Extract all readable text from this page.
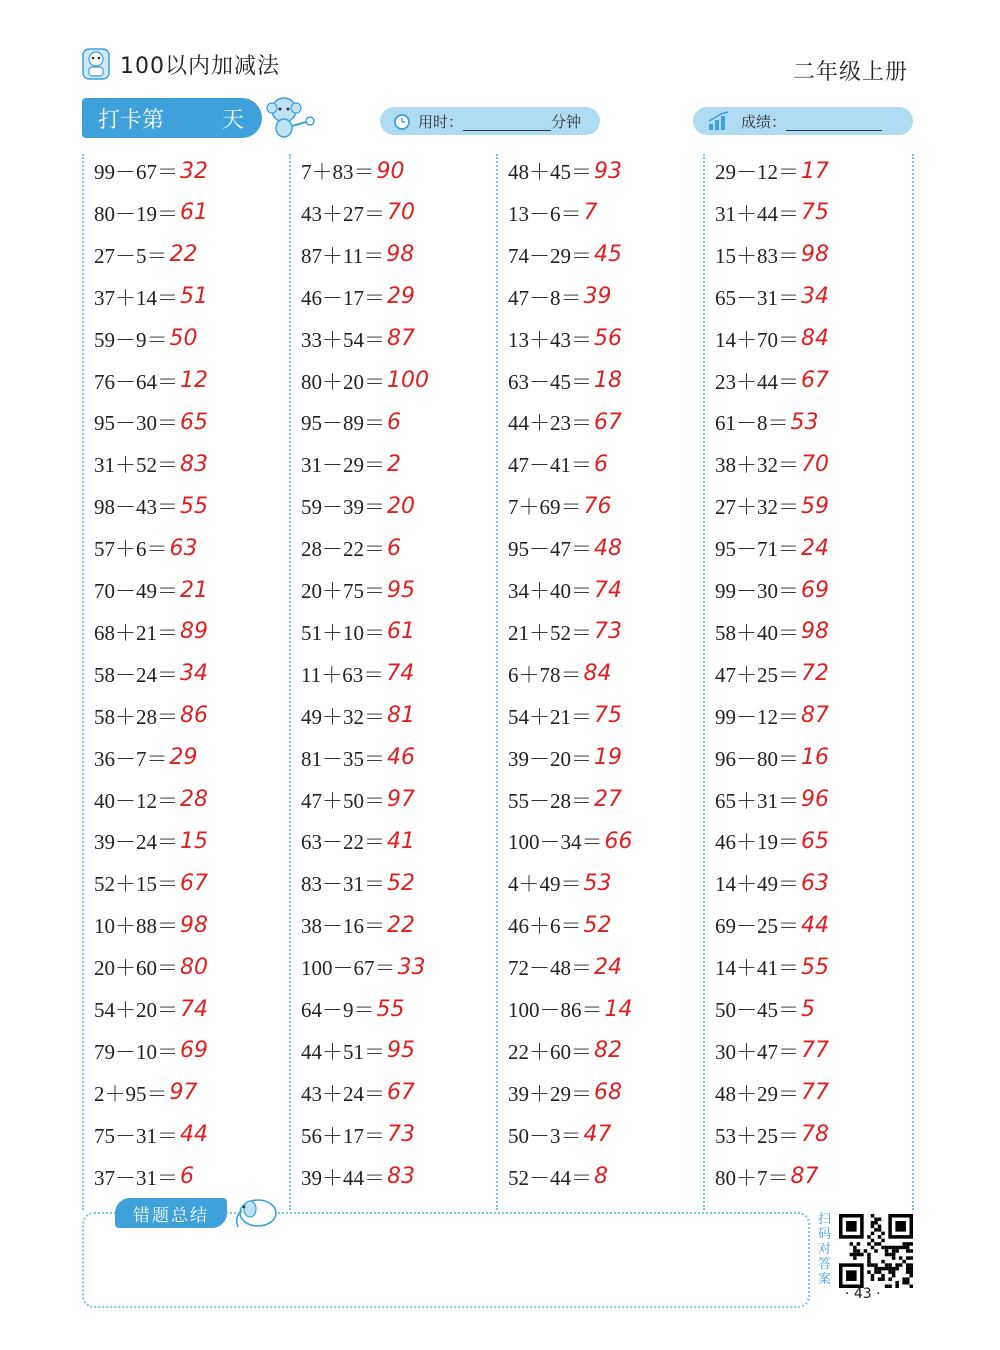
100以内加减法	二年级上册
打卡第	天	用时：	分钟	成绩：
99－67＝ 32
80－19＝ 61
27－5＝ 22
37＋14＝ 51
59－9＝ 50
76－64＝ 12
95－30＝ 65
31＋52＝ 83
98－43＝ 55
57＋6＝ 63
70－49＝ 21
68＋21＝ 89
58－24＝ 34
58＋28＝ 86
36－7＝ 29
40－12＝ 28
39－24＝ 15
52＋15＝ 67
10＋88＝ 98
20＋60＝ 80
54＋20＝ 74
79－10＝ 69
2＋95＝ 97
75－31＝ 44
37－31＝ 6
7＋83＝ 90
43＋27＝ 70
87＋11＝ 98
46－17＝ 29
33＋54＝ 87
80＋20＝ 100
95－89＝ 6
31－29＝ 2
59－39＝ 20
28－22＝ 6
20＋75＝ 95
51＋10＝ 61
11＋63＝ 74
49＋32＝ 81
81－35＝ 46
47＋50＝ 97
63－22＝ 41
83－31＝ 52
38－16＝ 22
100－67＝ 33
64－9＝ 55
44＋51＝ 95
43＋24＝ 67
56＋17＝ 73
39＋44＝ 83
48＋45＝ 93
13－6＝ 7
74－29＝ 45
47－8＝ 39
13＋43＝ 56
63－45＝ 18
44＋23＝ 67
47－41＝ 6
7＋69＝ 76
95－47＝ 48
34＋40＝ 74
21＋52＝ 73
6＋78＝ 84
54＋21＝ 75
39－20＝ 19
55－28＝ 27
100－34＝ 66
4＋49＝ 53
46＋6＝ 52
72－48＝ 24
100－86＝ 14
22＋60＝ 82
39＋29＝ 68
50－3＝ 47
52－44＝ 8
29－12＝ 17
31＋44＝ 75
15＋83＝ 98
65－31＝ 34
14＋70＝ 84
23＋44＝ 67
61－8＝ 53
38＋32＝ 70
27＋32＝ 59
95－71＝ 24
99－30＝ 69
58＋40＝ 98
47＋25＝ 72
99－12＝ 87
96－80＝ 16
65＋31＝ 96
46＋19＝ 65
14＋49＝ 63
69－25＝ 44
14＋41＝ 55
50－45＝ 5
30＋47＝ 77
48＋29＝ 77
53＋25＝ 78
80＋7＝ 87
错题总结	扫码对答案
· 43 ·
